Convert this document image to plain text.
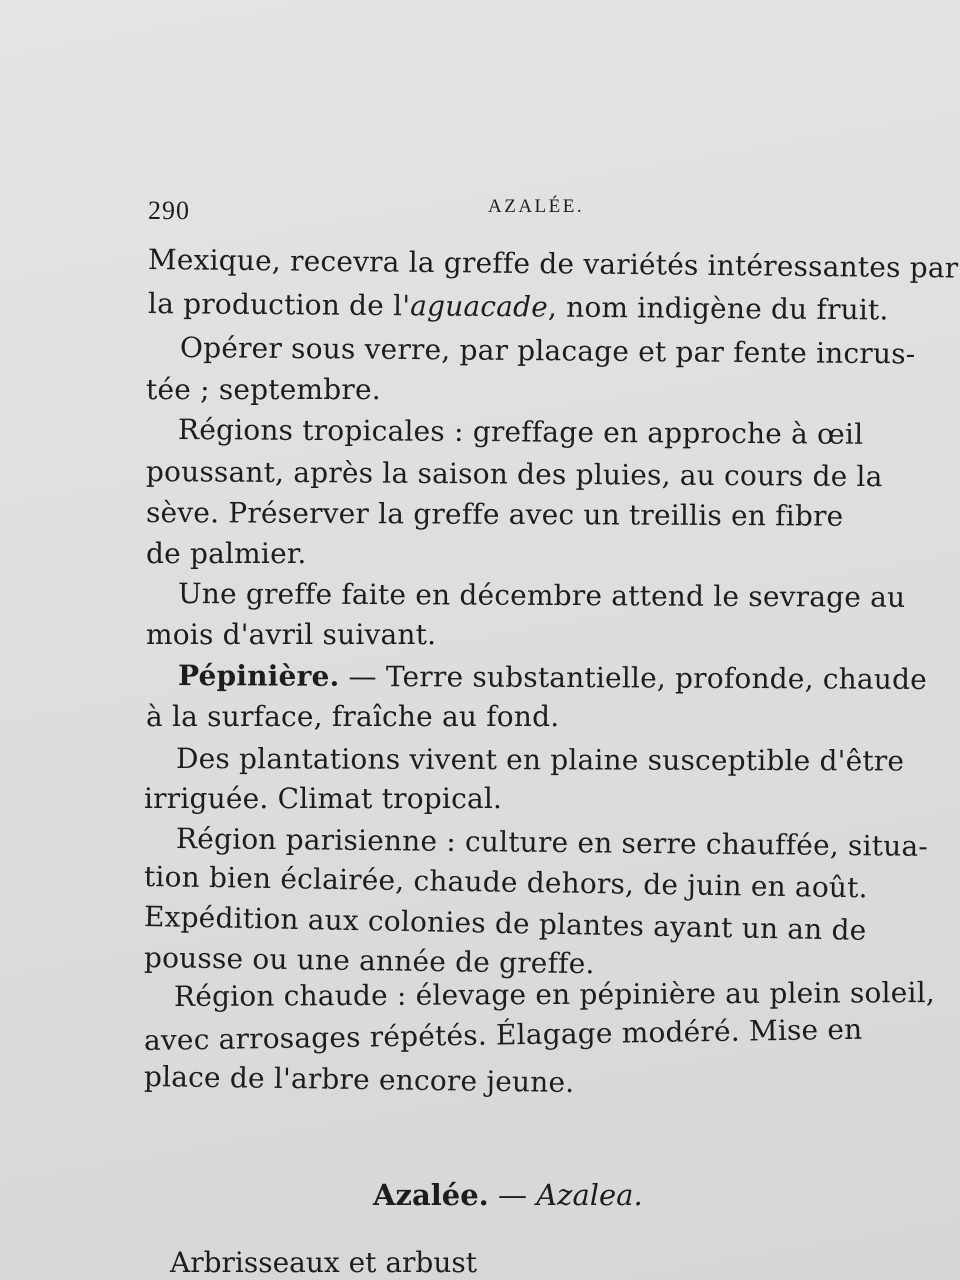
290	AZALÉE.
Mexique, recevra la greffe de variétés intéressantes par
la production de l'aguacade, nom indigène du fruit.
Opérer sous verre, par placage et par fente incrus-
tée ; septembre.
Régions tropicales : greffage en approche à œil
poussant, après la saison des pluies, au cours de la
sève. Préserver la greffe avec un treillis en fibre
de palmier.
Une greffe faite en décembre attend le sevrage au
mois d'avril suivant.
Pépinière. — Terre substantielle, profonde, chaude
à la surface, fraîche au fond.
Des plantations vivent en plaine susceptible d'être
irriguée. Climat tropical.
Région parisienne : culture en serre chauffée, situa-
tion bien éclairée, chaude dehors, de juin en août.
Expédition aux colonies de plantes ayant un an de
pousse ou une année de greffe.
Région chaude : élevage en pépinière au plein soleil,
avec arrosages répétés. Élagage modéré. Mise en
place de l'arbre encore jeune.
Azalée. — Azalea.
Arbrisseaux et arbust
